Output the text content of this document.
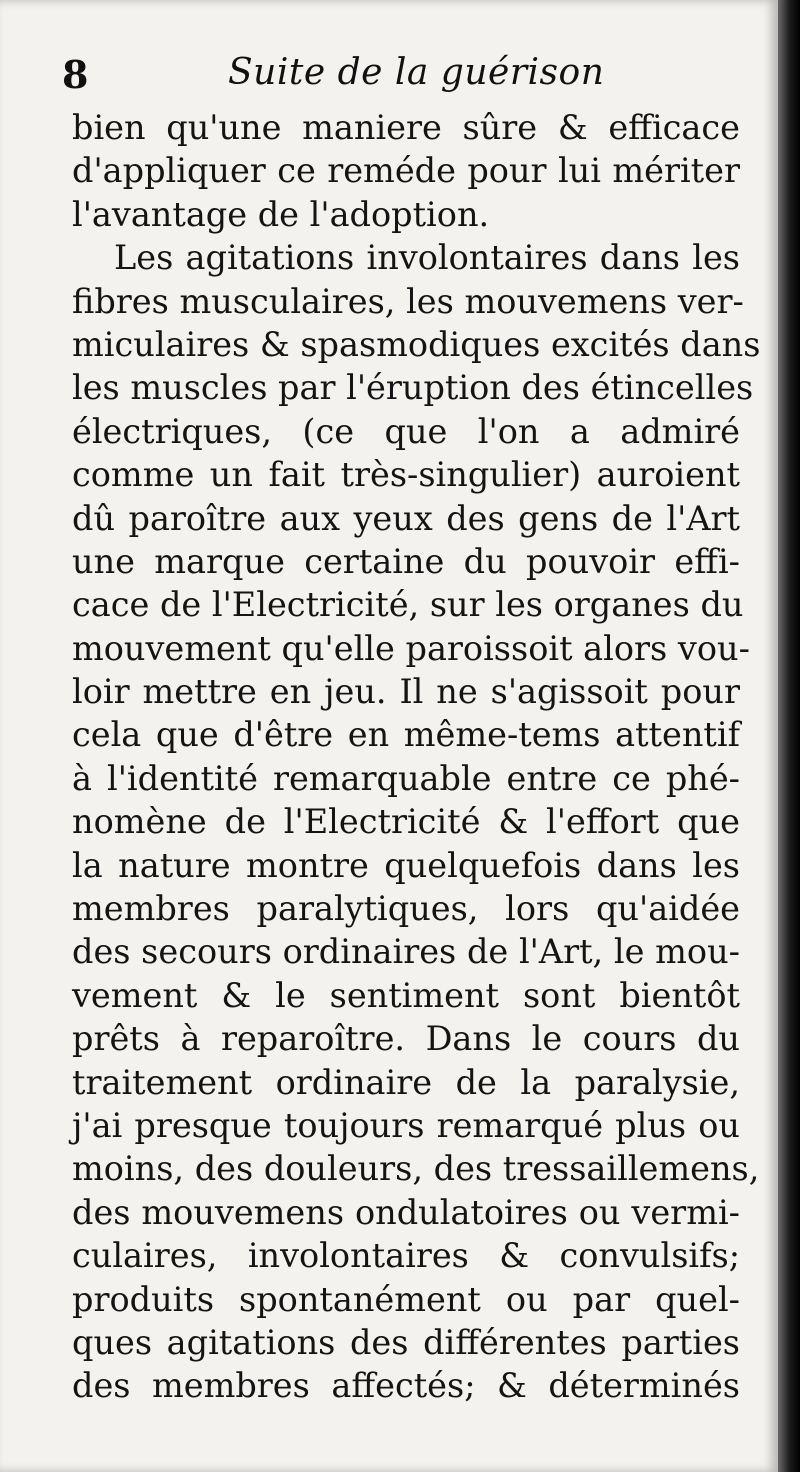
8	Suite de la guérison
bien qu'une maniere sûre & efficace
d'appliquer ce reméde pour lui mériter
l'avantage de l'adoption.
Les agitations involontaires dans les
fibres musculaires, les mouvemens ver-
miculaires & spasmodiques excités dans
les muscles par l'éruption des étincelles
électriques, (ce que l'on a admiré
comme un fait très-singulier) auroient
dû paroître aux yeux des gens de l'Art
une marque certaine du pouvoir effi-
cace de l'Electricité, sur les organes du
mouvement qu'elle paroissoit alors vou-
loir mettre en jeu. Il ne s'agissoit pour
cela que d'être en même-tems attentif
à l'identité remarquable entre ce phé-
nomène de l'Electricité & l'effort que
la nature montre quelquefois dans les
membres paralytiques, lors qu'aidée
des secours ordinaires de l'Art, le mou-
vement & le sentiment sont bientôt
prêts à reparoître. Dans le cours du
traitement ordinaire de la paralysie,
j'ai presque toujours remarqué plus ou
moins, des douleurs, des tressaillemens,
des mouvemens ondulatoires ou vermi-
culaires, involontaires & convulsifs;
produits spontanément ou par quel-
ques agitations des différentes parties
des membres affectés; & déterminés
